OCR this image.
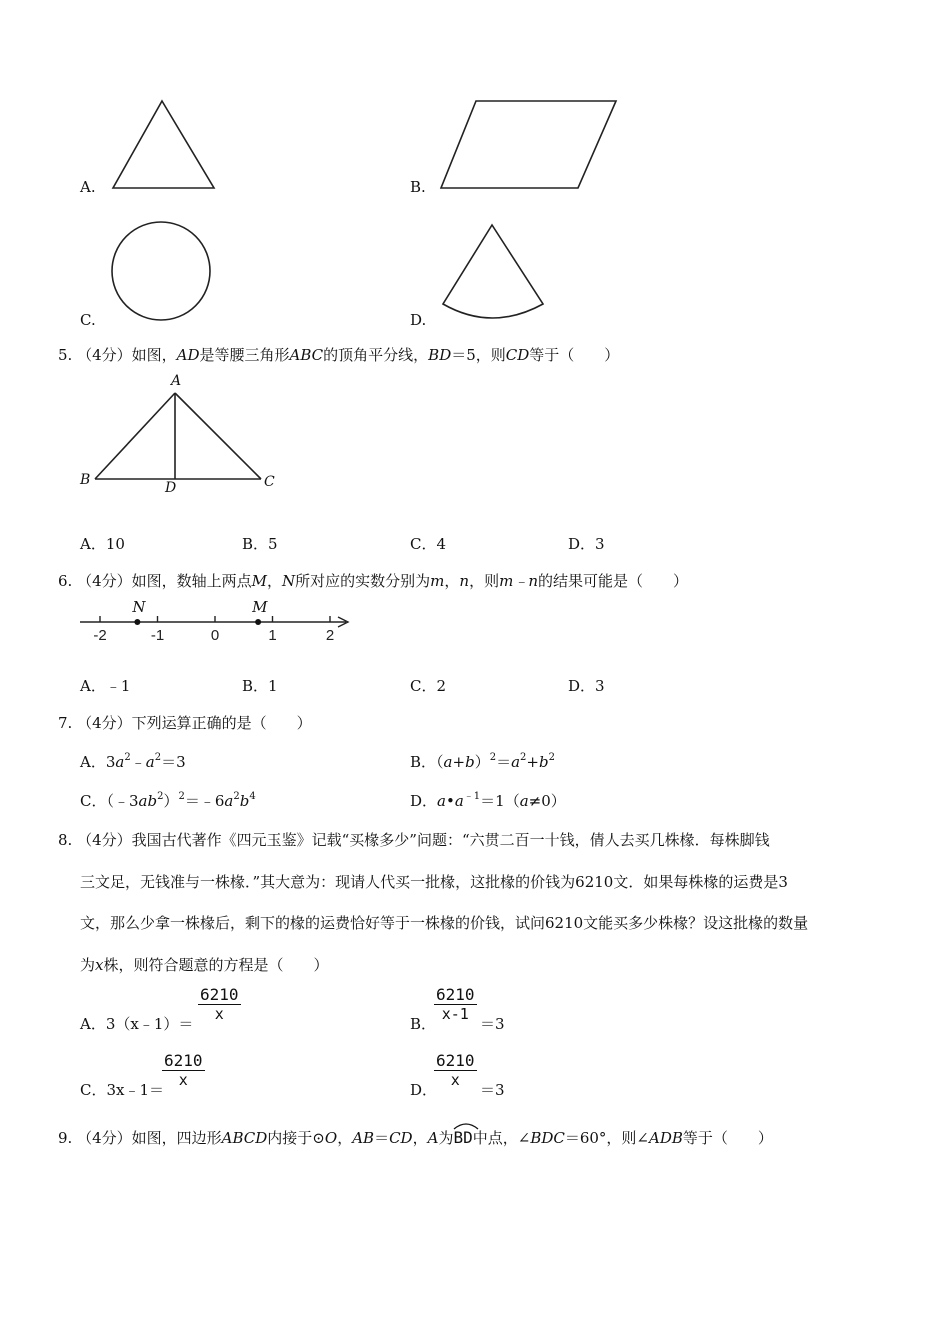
A.	B.
C.	D.
5. （4分）如图，AD是等腰三角形ABC的顶角平分线，BD＝5，则CD等于（　　）
A
B	D	C
A．10	B．5	C．4	D．3
6. （4分）如图，数轴上两点M，N所对应的实数分别为m，n，则m﹣n的结果可能是（　　）
-2	-1	0	1	2
N	M
A．﹣1	B．1	C．2	D．3
7. （4分）下列运算正确的是（　　）
A．$3a^2﹣a^2=3$	B．$(a+b)^2=a^2+b^2$
C．$(﹣3ab^2)^2=﹣6a^2b^4$	D．$a•a^{﹣1}=1(a\ne 0)$
8. （4分）我国古代著作《四元玉鉴》记载“买椽多少”问题：“六贯二百一十钱，倩人去买几株椽．每株脚钱
三文足，无钱准与一株椽．”其大意为：现请人代买一批椽，这批椽的价钱为6210文．如果每株椽的运费是3
文，那么少拿一株椽后，剩下的椽的运费恰好等于一株椽的价钱，试问6210文能买多少株椽？设这批椽的数量
为x株，则符合题意的方程是（　　）
A．3（x﹣1）＝
$\frac{6210}{x}$
B．
$\frac{6210}{x-1}$
＝3
C．3x﹣1＝
$\frac{6210}{x}$
D．
$\frac{6210}{x}$
＝3
9. （4分）如图，四边形ABCD内接于⊙O，AB＝CD，A为
BD中点，∠BDC＝60°，则∠ADB等于（　　）
